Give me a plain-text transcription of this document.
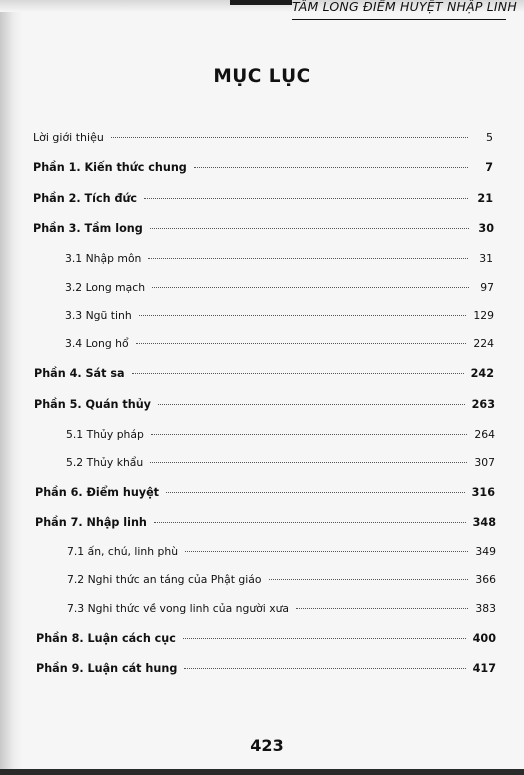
TÂM LONG ĐIỂM HUYỆT NHẬP LINH
MỤC LỤC
Lời giới thiệu	5
Phần 1. Kiến thức chung	7
Phần 2. Tích đức	21
Phần 3. Tầm long	30
3.1 Nhập môn	31
3.2 Long mạch	97
3.3 Ngũ tinh	129
3.4 Long hổ	224
Phần 4. Sát sa	242
Phần 5. Quán thủy	263
5.1 Thủy pháp	264
5.2 Thủy khẩu	307
Phần 6. Điểm huyệt	316
Phần 7. Nhập linh	348
7.1 ấn, chú, linh phù	349
7.2 Nghi thức an táng của Phật giáo	366
7.3 Nghi thức về vong linh của người xưa	383
Phần 8. Luận cách cục	400
Phần 9. Luận cát hung	417
423
